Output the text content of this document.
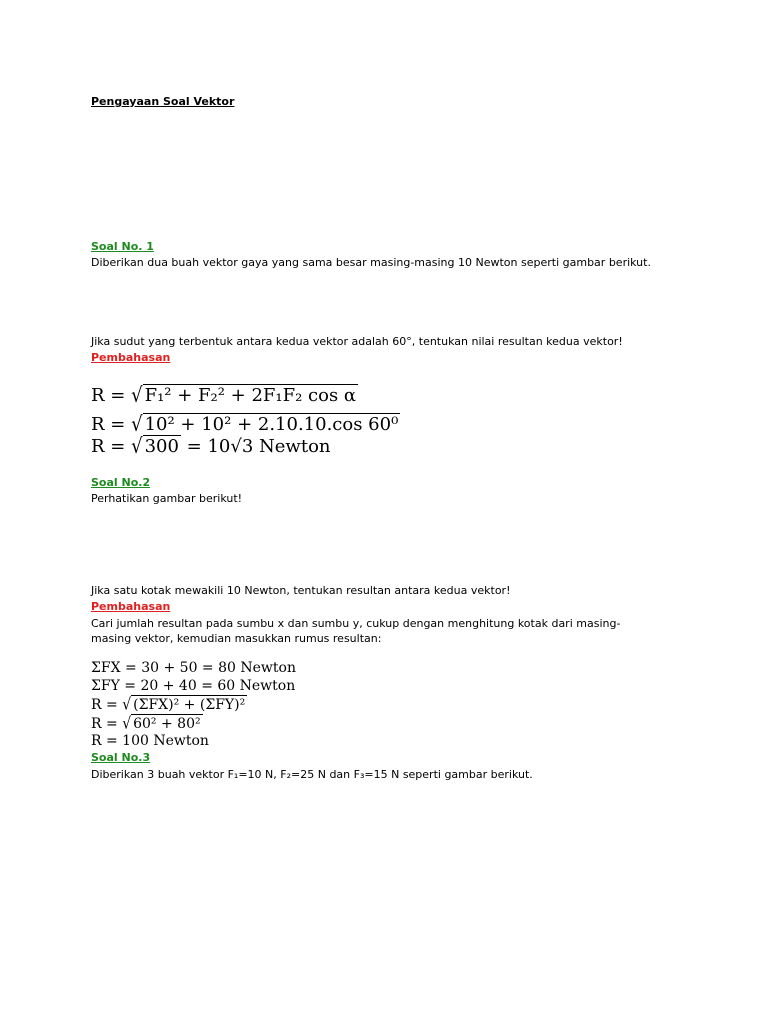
Pengayaan Soal Vektor
Soal No. 1
Diberikan dua buah vektor gaya yang sama besar masing-masing 10 Newton seperti gambar berikut.
Jika sudut yang terbentuk antara kedua vektor adalah 60°, tentukan nilai resultan kedua vektor!
Pembahasan
R = √ F₁² + F₂² + 2F₁F₂ cos α
R = √ 10² + 10² + 2.10.10.cos 60⁰
R = √ 300 = 10√3 Newton
Soal No.2
Perhatikan gambar berikut!
Jika satu kotak mewakili 10 Newton, tentukan resultan antara kedua vektor!
Pembahasan
Cari jumlah resultan pada sumbu x dan sumbu y, cukup dengan menghitung kotak dari masing-masing vektor, kemudian masukkan rumus resultan:
ΣFX = 30 + 50 = 80 Newton
ΣFY = 20 + 40 = 60 Newton
R = √ (ΣFX)² + (ΣFY)²
R = √ 60² + 80²
R = 100 Newton
Soal No.3
Diberikan 3 buah vektor F₁=10 N, F₂=25 N dan F₃=15 N seperti gambar berikut.
